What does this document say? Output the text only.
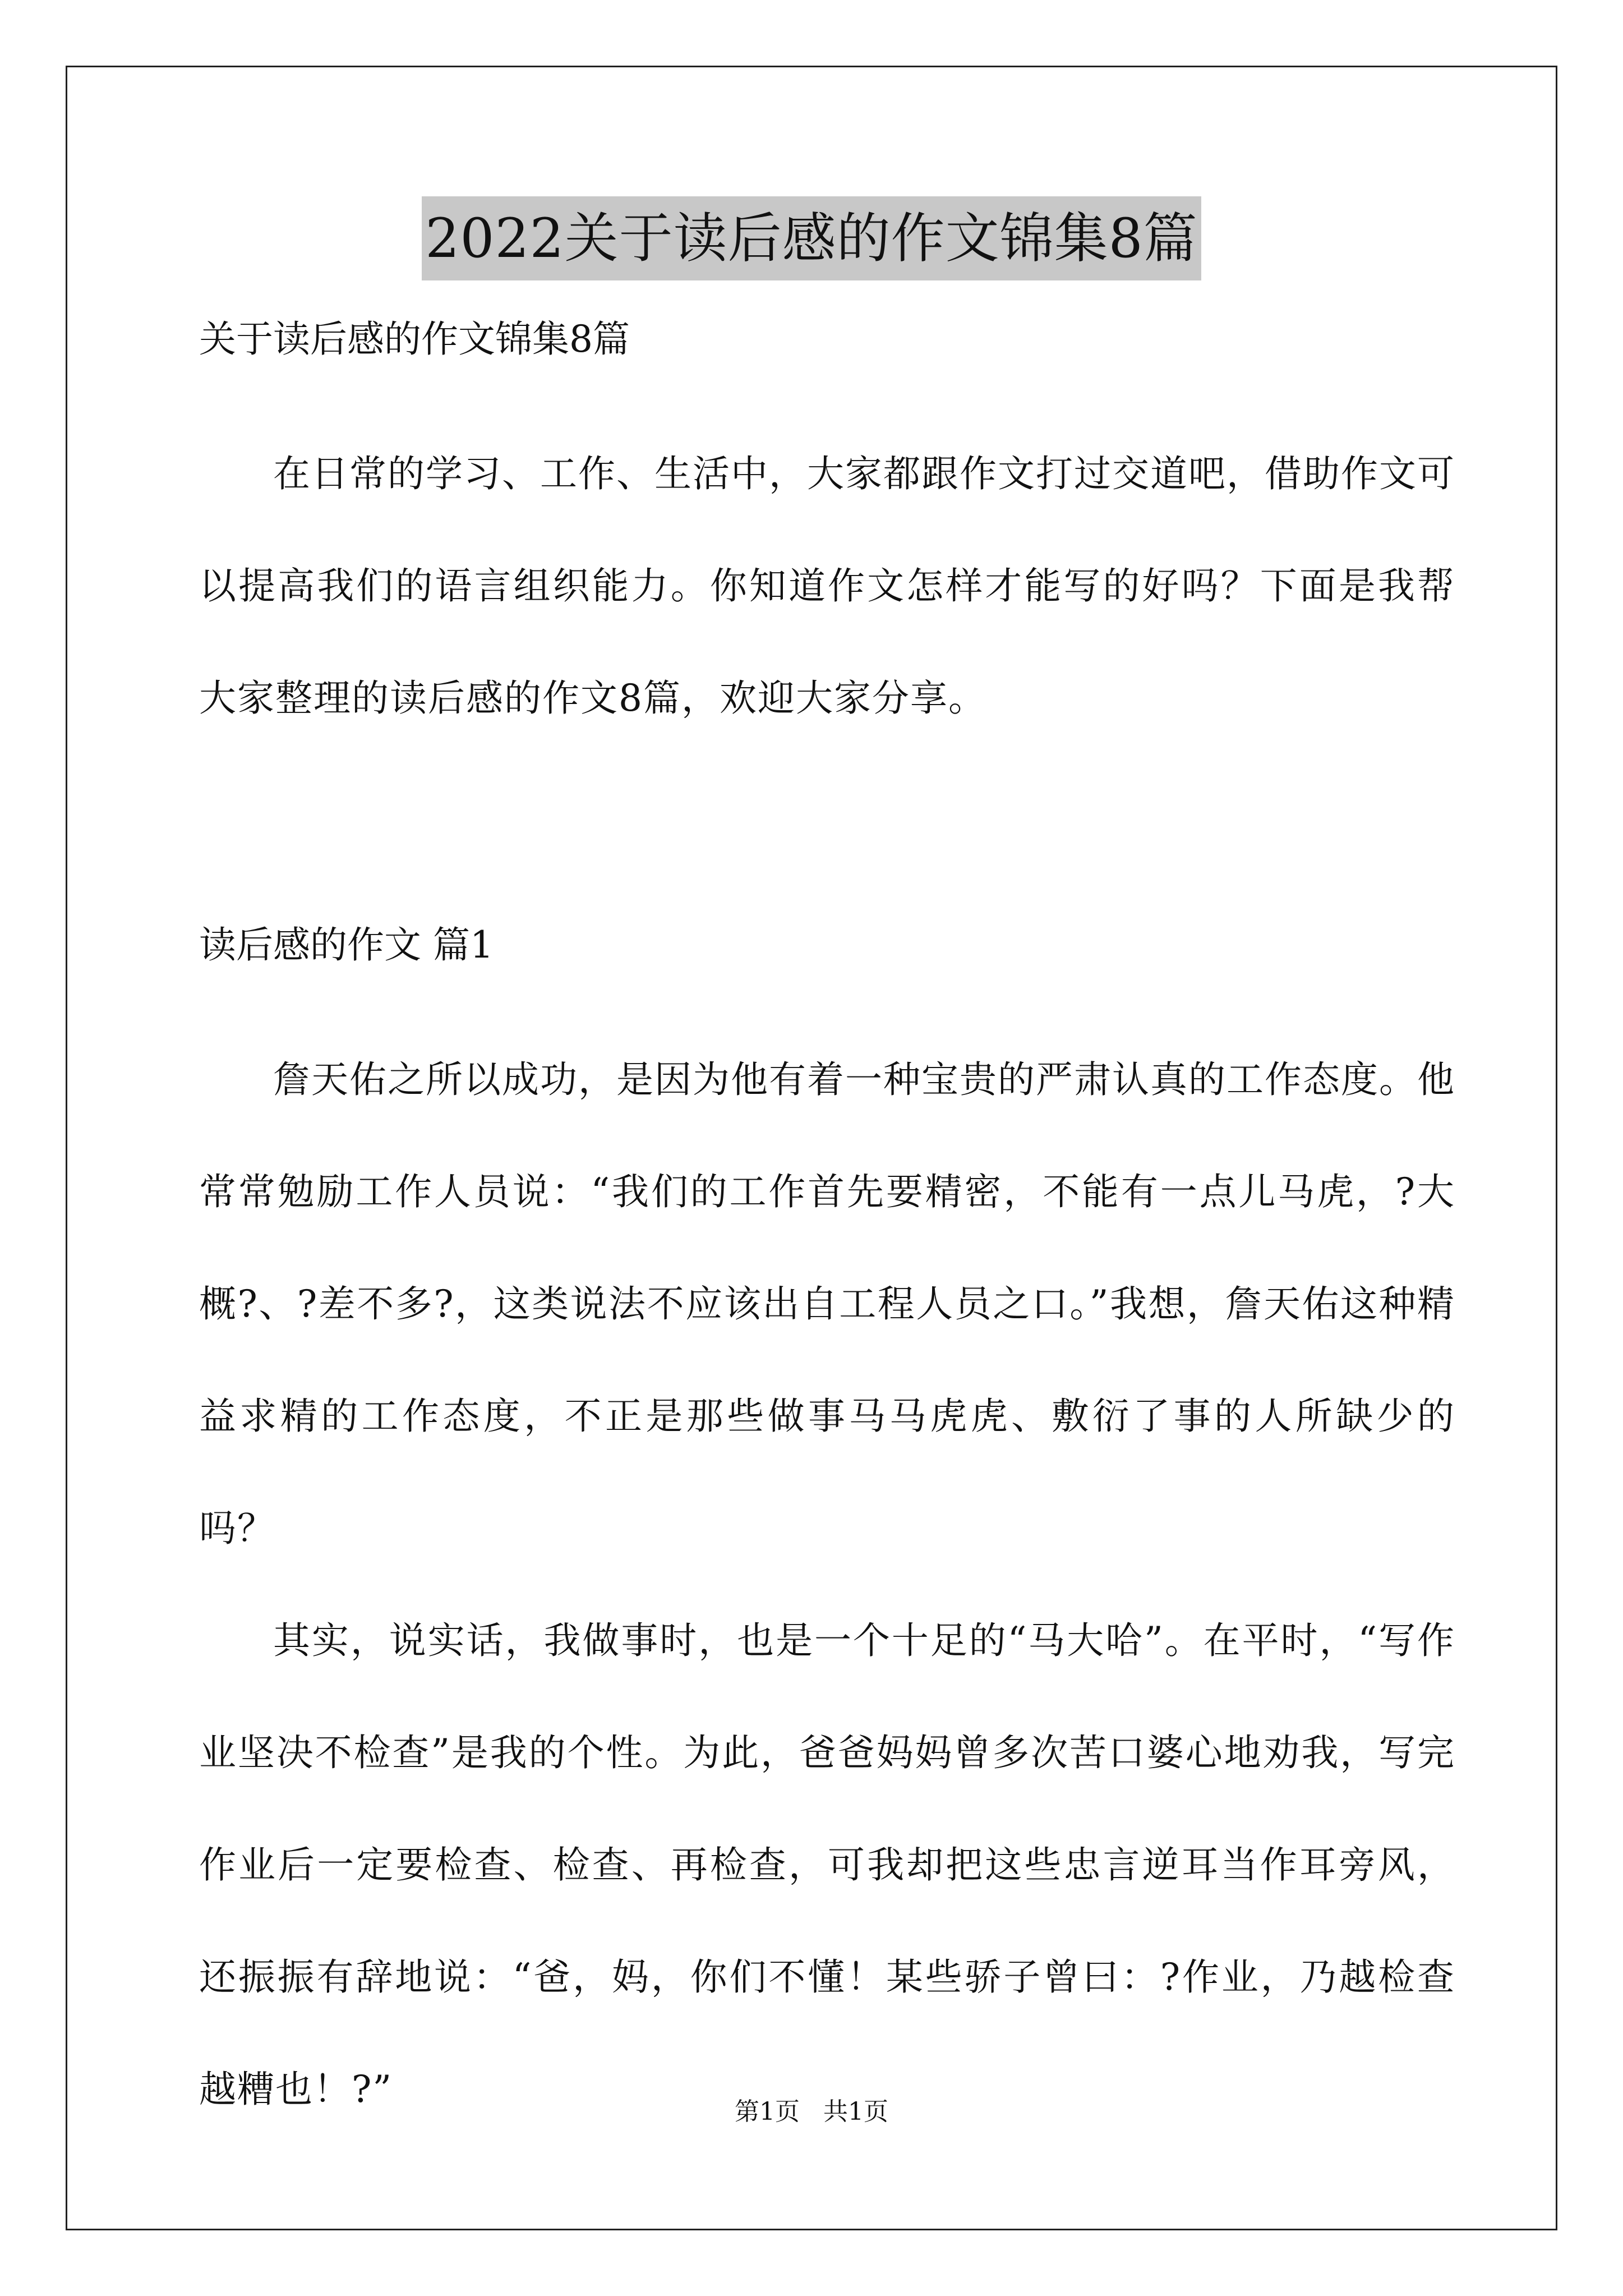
2022关于读后感的作文锦集8篇

关于读后感的作文锦集8篇

在日常的学习、工作、生活中，大家都跟作文打过交道吧，借助作文可以提高我们的语言组织能力。你知道作文怎样才能写的好吗？下面是我帮大家整理的读后感的作文8篇，欢迎大家分享。

读后感的作文 篇1

詹天佑之所以成功，是因为他有着一种宝贵的严肃认真的工作态度。他常常勉励工作人员说：“我们的工作首先要精密，不能有一点儿马虎，?大概?、?差不多?，这类说法不应该出自工程人员之口。”我想，詹天佑这种精益求精的工作态度，不正是那些做事马马虎虎、敷衍了事的人所缺少的吗？

其实，说实话，我做事时，也是一个十足的“马大哈”。在平时，“写作业坚决不检查”是我的个性。为此，爸爸妈妈曾多次苦口婆心地劝我，写完作业后一定要检查、检查、再检查，可我却把这些忠言逆耳当作耳旁风，还振振有辞地说：“爸，妈，你们不懂！某些骄子曾曰：?作业，乃越检查越糟也！?”

第1页   共1页
